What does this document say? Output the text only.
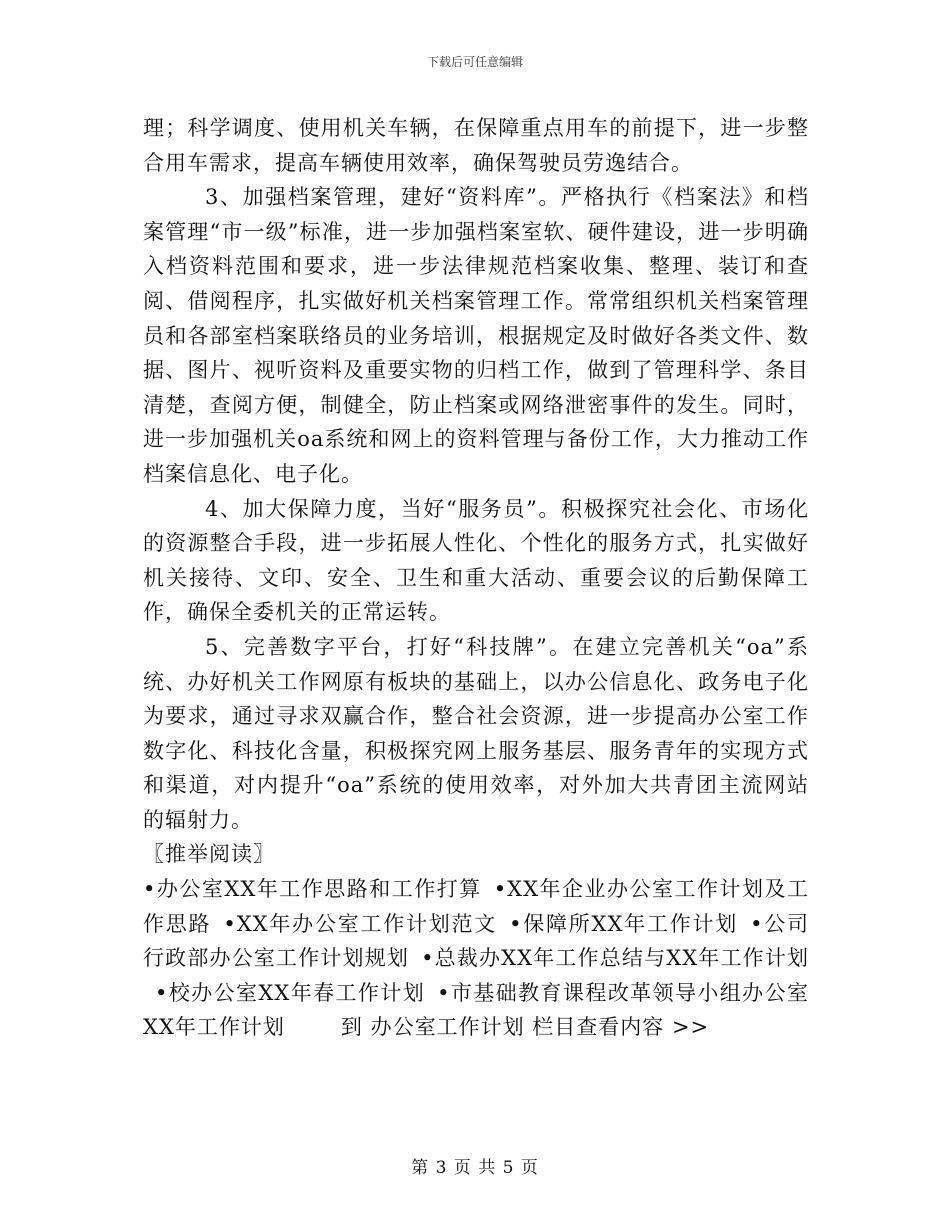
下载后可任意编辑

理；科学调度、使用机关车辆，在保障重点用车的前提下，进一步整合用车需求，提高车辆使用效率，确保驾驶员劳逸结合。

3、加强档案管理，建好“资料库”。严格执行《档案法》和档案管理“市一级”标准，进一步加强档案室软、硬件建设，进一步明确入档资料范围和要求，进一步法律规范档案收集、整理、装订和查阅、借阅程序，扎实做好机关档案管理工作。常常组织机关档案管理员和各部室档案联络员的业务培训，根据规定及时做好各类文件、数据、图片、视听资料及重要实物的归档工作，做到了管理科学、条目清楚，查阅方便，制健全，防止档案或网络泄密事件的发生。同时，进一步加强机关oa系统和网上的资料管理与备份工作，大力推动工作档案信息化、电子化。

4、加大保障力度，当好“服务员”。积极探究社会化、市场化的资源整合手段，进一步拓展人性化、个性化的服务方式，扎实做好机关接待、文印、安全、卫生和重大活动、重要会议的后勤保障工作，确保全委机关的正常运转。

5、完善数字平台，打好“科技牌”。在建立完善机关“oa”系统、办好机关工作网原有板块的基础上，以办公信息化、政务电子化为要求，通过寻求双赢合作，整合社会资源，进一步提高办公室工作数字化、科技化含量，积极探究网上服务基层、服务青年的实现方式和渠道，对内提升“oa”系统的使用效率，对外加大共青团主流网站的辐射力。

〖推举阅读〗

•办公室XX年工作思路和工作打算 •XX年企业办公室工作计划及工作思路 •XX年办公室工作计划范文 •保障所XX年工作计划 •公司行政部办公室工作计划规划 •总裁办XX年工作总结与XX年工作计划•校办公室XX年春工作计划 •市基础教育课程改革领导小组办公室XX年工作计划	到 办公室工作计划 栏目查看内容 >>

第 3 页 共 5 页
